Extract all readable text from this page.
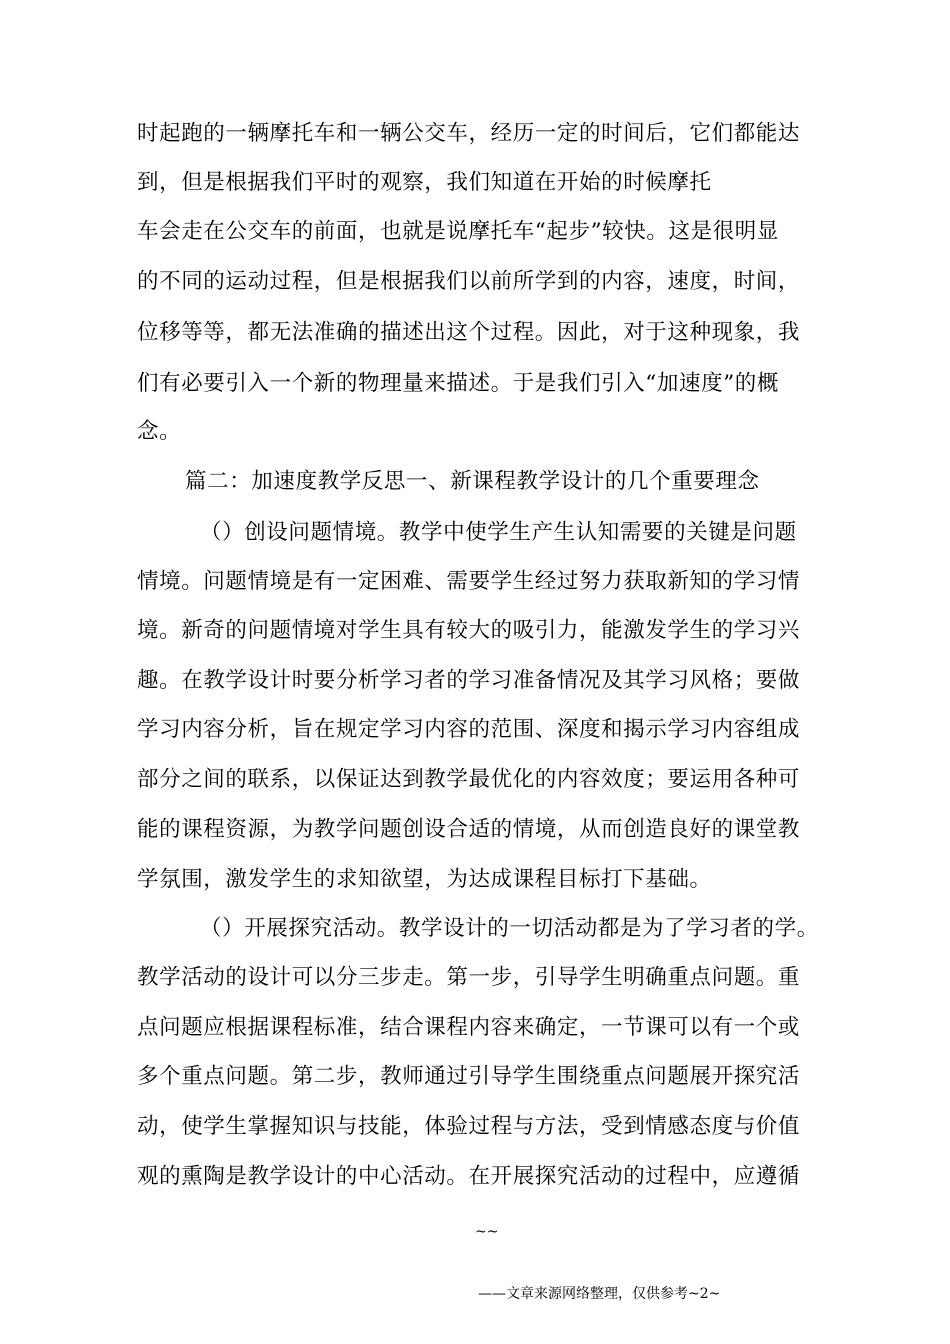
时起跑的一辆摩托车和一辆公交车，经历一定的时间后，它们都能达
到，但是根据我们平时的观察，我们知道在开始的时候摩托
车会走在公交车的前面，也就是说摩托车“起步”较快。这是很明显
的不同的运动过程，但是根据我们以前所学到的内容，速度，时间，
位移等等，都无法准确的描述出这个过程。因此，对于这种现象，我
们有必要引入一个新的物理量来描述。于是我们引入“加速度”的概
念。
篇二：加速度教学反思一、新课程教学设计的几个重要理念
（）创设问题情境。教学中使学生产生认知需要的关键是问题
情境。问题情境是有一定困难、需要学生经过努力获取新知的学习情
境。新奇的问题情境对学生具有较大的吸引力，能激发学生的学习兴
趣。在教学设计时要分析学习者的学习准备情况及其学习风格；要做
学习内容分析，旨在规定学习内容的范围、深度和揭示学习内容组成
部分之间的联系，以保证达到教学最优化的内容效度；要运用各种可
能的课程资源，为教学问题创设合适的情境，从而创造良好的课堂教
学氛围，激发学生的求知欲望，为达成课程目标打下基础。
（）开展探究活动。教学设计的一切活动都是为了学习者的学。
教学活动的设计可以分三步走。第一步，引导学生明确重点问题。重
点问题应根据课程标准，结合课程内容来确定，一节课可以有一个或
多个重点问题。第二步，教师通过引导学生围绕重点问题展开探究活
动，使学生掌握知识与技能，体验过程与方法，受到情感态度与价值
观的熏陶是教学设计的中心活动。在开展探究活动的过程中，应遵循
~~
——文章来源网络整理，仅供参考~2~
